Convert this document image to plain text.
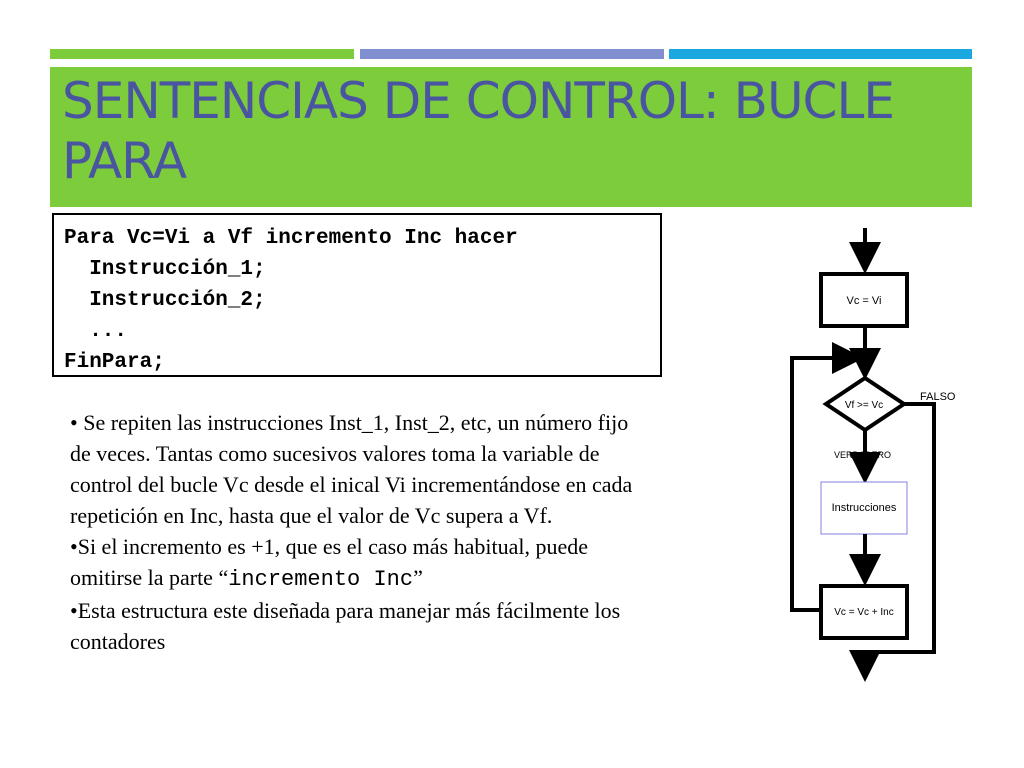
SENTENCIAS DE CONTROL: BUCLE PARA
Para Vc=Vi a Vf incremento Inc hacer
Instrucción_1;
Instrucción_2;
...
FinPara;

• Se repiten las instrucciones Inst_1, Inst_2, etc, un número fijo de veces. Tantas como sucesivos valores toma la variable de control del bucle Vc desde el inical Vi incrementándose en cada repetición en Inc, hasta que el valor de Vc supera a Vf.

•Si el incremento es +1, que es el caso más habitual, puede omitirse la parte “incremento Inc”

•Esta estructura este diseñada para manejar más fácilmente los contadores

Vc = Vi
Vf >= Vc
FALSO
VERDADERO
Instrucciones
Vc = Vc + Inc
